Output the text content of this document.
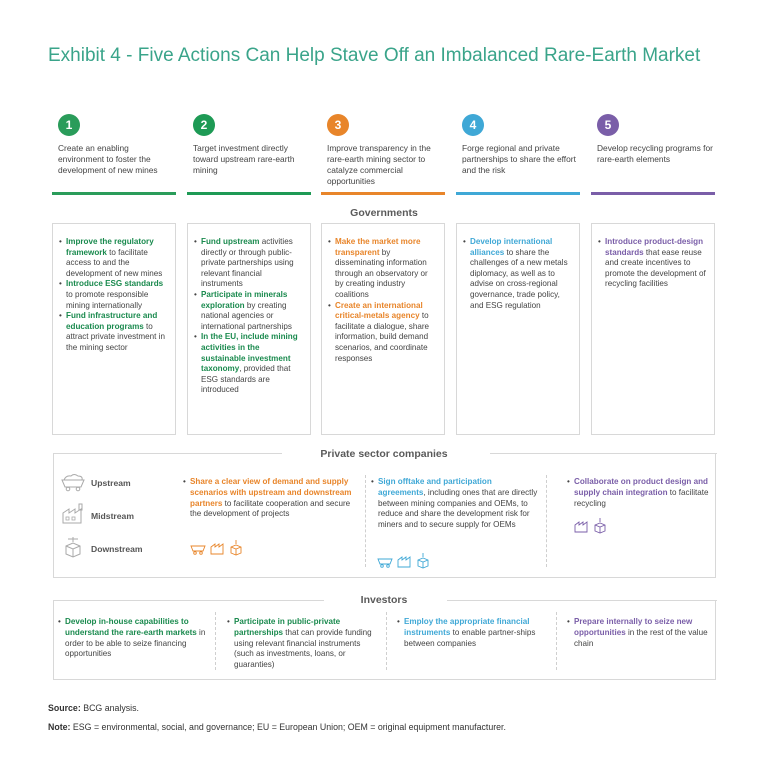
Exhibit 4 - Five Actions Can Help Stave Off an Imbalanced Rare-Earth Market
1
Create an enabling environment to foster the development of new mines
2
Target investment directly toward upstream rare-earth mining
3
Improve transparency in the rare-earth mining sector to catalyze commercial opportunities
4
Forge regional and private partnerships to share the effort and the risk
5
Develop recycling programs for rare-earth elements
Governments
• Improve the regulatory framework to facilitate access to and the development of new mines
• Introduce ESG standards to promote responsible mining internationally
• Fund infrastructure and education programs to attract private investment in the mining sector
• Fund upstream activities directly or through public-private partnerships using relevant financial instruments
• Participate in minerals exploration by creating national agencies or international partnerships
• In the EU, include mining activities in the sustainable investment taxonomy, provided that ESG standards are introduced
• Make the market more transparent by disseminating information through an observatory or by creating industry coalitions
• Create an international critical-metals agency to facilitate a dialogue, share information, build demand scenarios, and coordinate responses
• Develop international alliances to share the challenges of a new metals diplomacy, as well as to advise on cross-regional governance, trade policy, and ESG regulation
• Introduce product-design standards that ease reuse and create incentives to promote the development of recycling facilities
Private sector companies
Upstream
Midstream
Downstream
• Share a clear view of demand and supply scenarios with upstream and downstream partners to facilitate cooperation and secure the development of projects
• Sign offtake and participation agreements, including ones that are directly between mining companies and OEMs, to reduce and share the development risk for miners and to secure supply for OEMs
• Collaborate on product design and supply chain integration to facilitate recycling
Investors
• Develop in-house capabilities to understand the rare-earth markets in order to be able to seize financing opportunities
• Participate in public-private partnerships that can provide funding using relevant financial instruments (such as investments, loans, or guaranties)
• Employ the appropriate financial instruments to enable partner-ships between companies
• Prepare internally to seize new opportunities in the rest of the value chain
Source: BCG analysis.
Note: ESG = environmental, social, and governance; EU = European Union; OEM = original equipment manufacturer.
